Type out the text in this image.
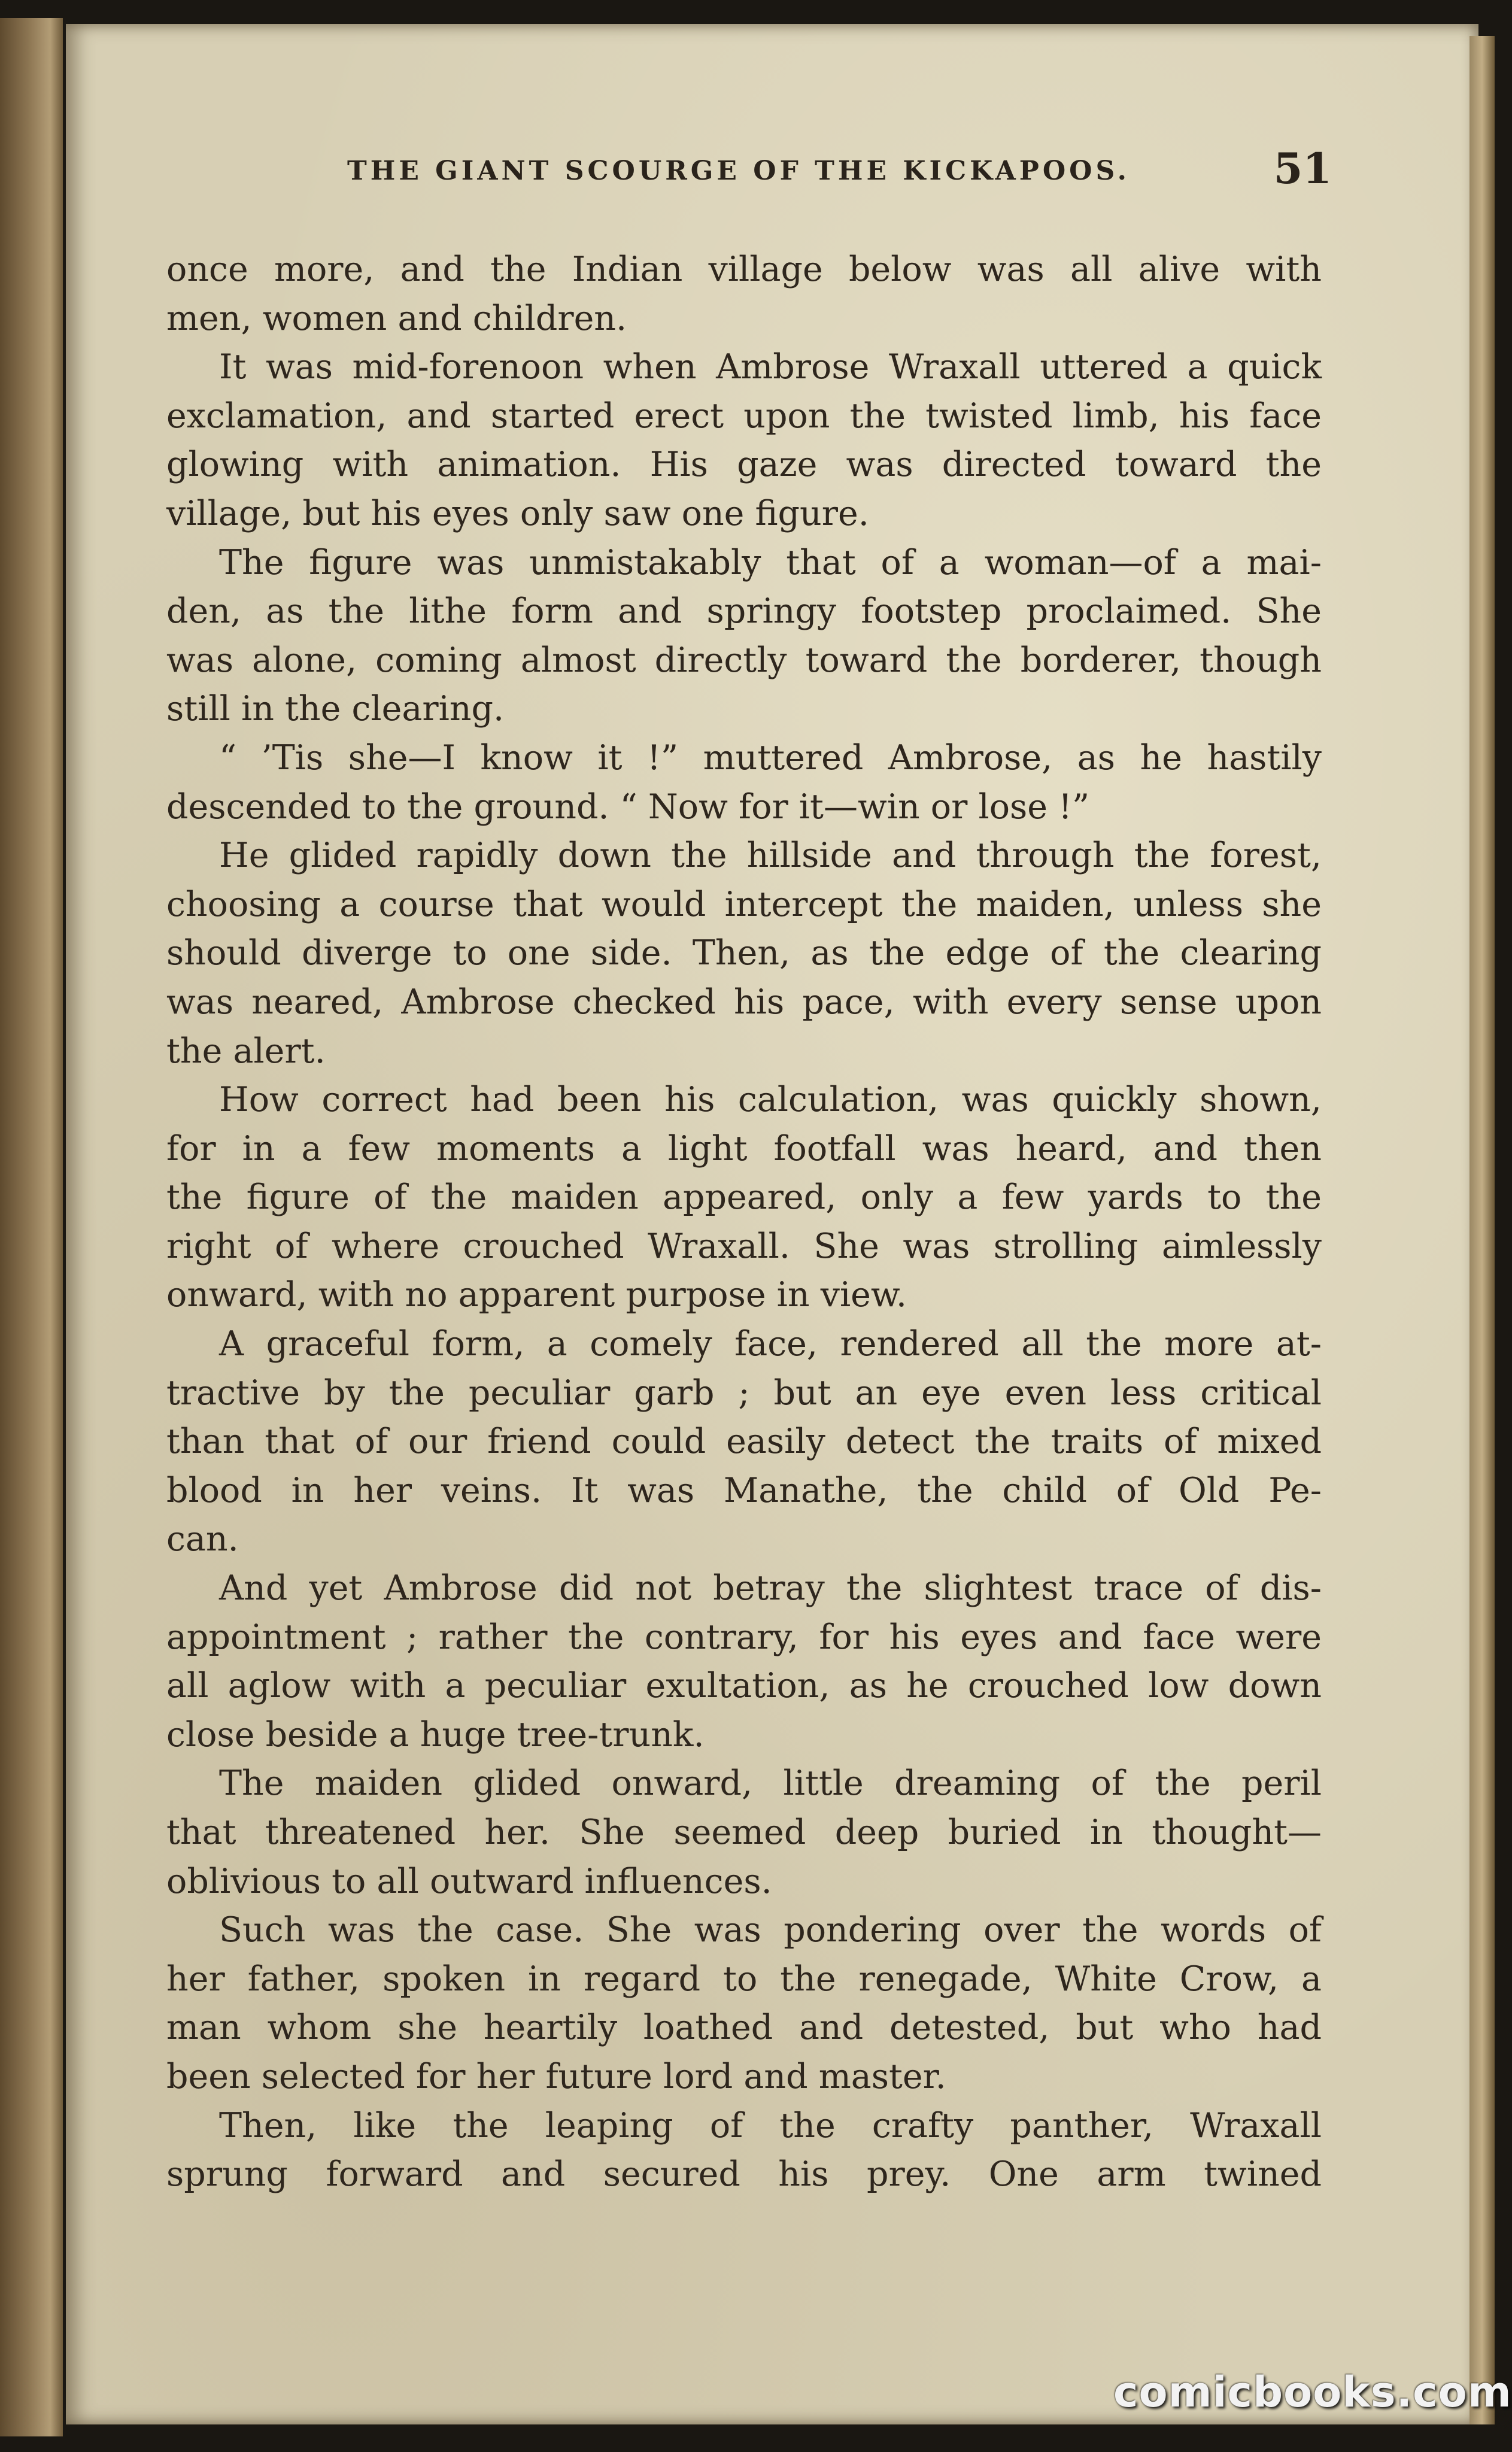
THE GIANT SCOURGE OF THE KICKAPOOS.	51
once more, and the Indian village below was all alive with
men, women and children.
It was mid-forenoon when Ambrose Wraxall uttered a quick
exclamation, and started erect upon the twisted limb, his face
glowing with animation. His gaze was directed toward the
village, but his eyes only saw one figure.
The figure was unmistakably that of a woman—of a mai-
den, as the lithe form and springy footstep proclaimed. She
was alone, coming almost directly toward the borderer, though
still in the clearing.
“ ’Tis she—I know it !” muttered Ambrose, as he hastily
descended to the ground. “ Now for it—win or lose !”
He glided rapidly down the hillside and through the forest,
choosing a course that would intercept the maiden, unless she
should diverge to one side. Then, as the edge of the clearing
was neared, Ambrose checked his pace, with every sense upon
the alert.
How correct had been his calculation, was quickly shown,
for in a few moments a light footfall was heard, and then
the figure of the maiden appeared, only a few yards to the
right of where crouched Wraxall. She was strolling aimlessly
onward, with no apparent purpose in view.
A graceful form, a comely face, rendered all the more at-
tractive by the peculiar garb ; but an eye even less critical
than that of our friend could easily detect the traits of mixed
blood in her veins. It was Manathe, the child of Old Pe-
can.
And yet Ambrose did not betray the slightest trace of dis-
appointment ; rather the contrary, for his eyes and face were
all aglow with a peculiar exultation, as he crouched low down
close beside a huge tree-trunk.
The maiden glided onward, little dreaming of the peril
that threatened her. She seemed deep buried in thought—
oblivious to all outward influences.
Such was the case. She was pondering over the words of
her father, spoken in regard to the renegade, White Crow, a
man whom she heartily loathed and detested, but who had
been selected for her future lord and master.
Then, like the leaping of the crafty panther, Wraxall
sprung forward and secured his prey. One arm twined
comicbooks.com
